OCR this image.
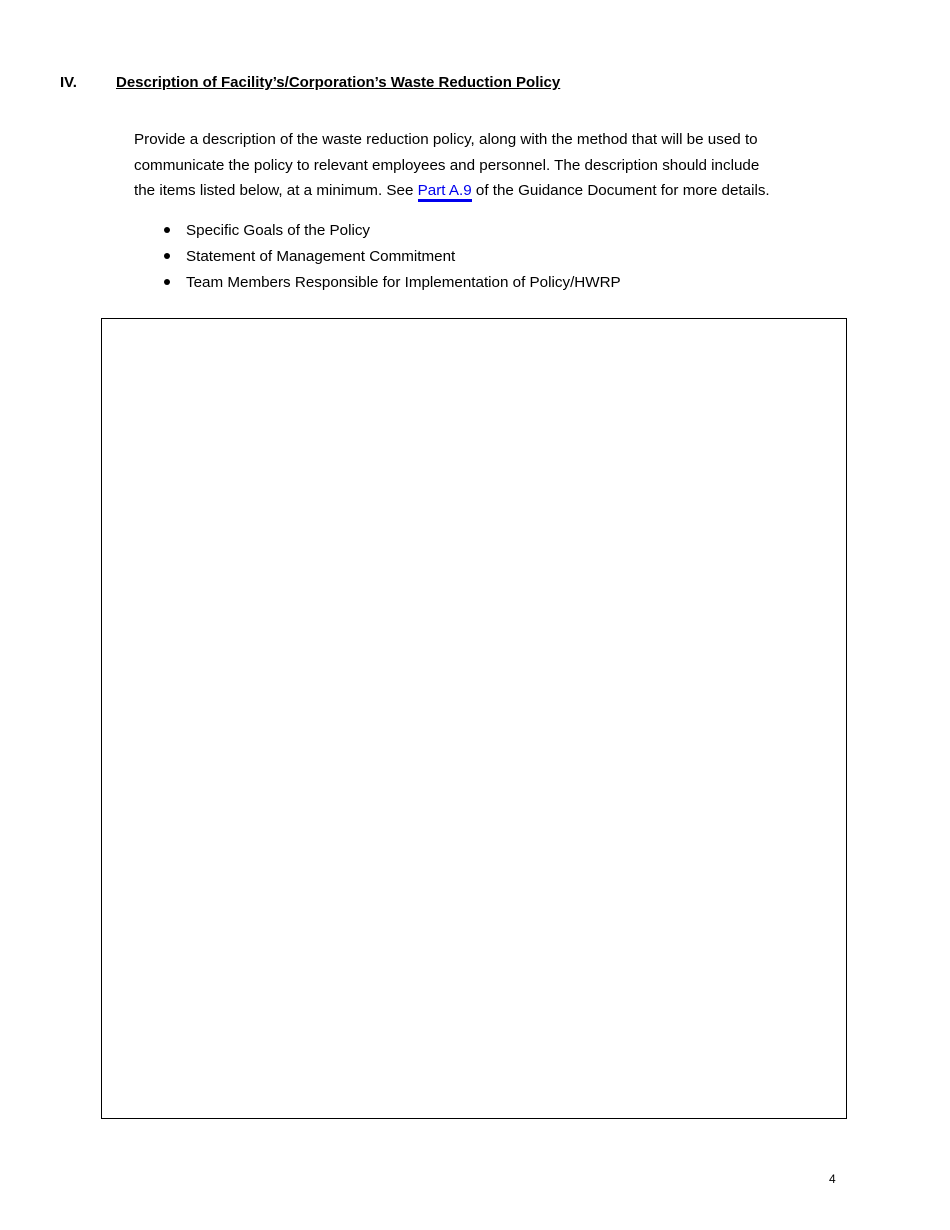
IV.	Description of Facility’s/Corporation’s Waste Reduction Policy

Provide a description of the waste reduction policy, along with the method that will be used to
communicate the policy to relevant employees and personnel. The description should include
the items listed below, at a minimum. See Part A.9 of the Guidance Document for more details.

Specific Goals of the Policy
Statement of Management Commitment
Team Members Responsible for Implementation of Policy/HWRP
4
